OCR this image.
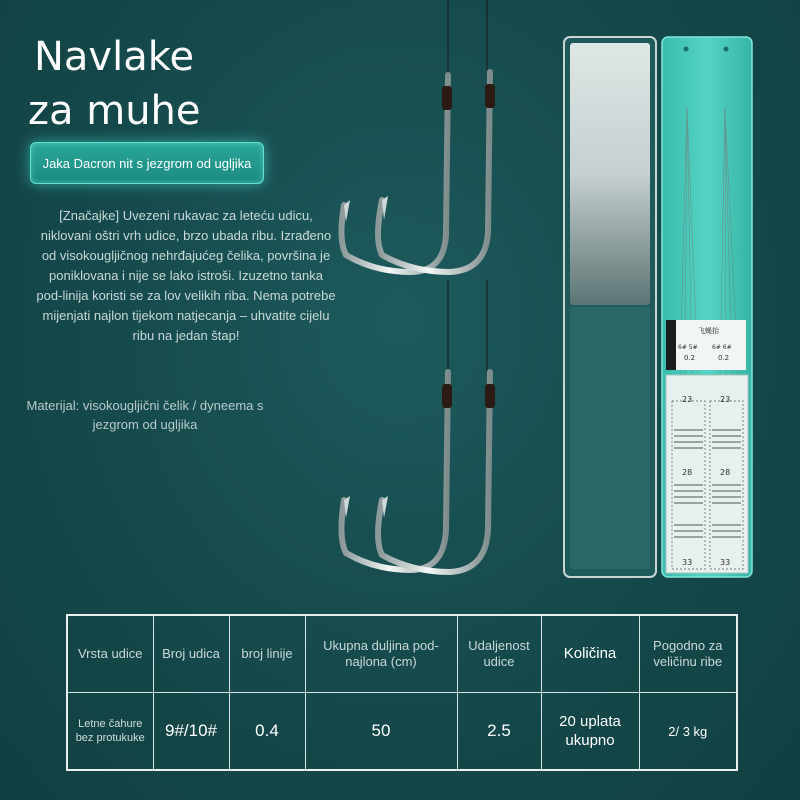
Navlake
za muhe
Jaka Dacron nit s jezgrom od ugljika

[Značajke] Uvezeni rukavac za leteću udicu, niklovani oštri vrh udice, brzo ubada ribu. Izrađeno od visokougljičnog nehrđajućeg čelika, površina je poniklovana i nije se lako istroši. Izuzetno tanka pod-linija koristi se za lov velikih riba. Nema potrebe mijenjati najlon tijekom natjecanja – uhvatite cijelu ribu na jedan štap!

Materijal: visokougljični čelik / dyneema s jezgrom od ugljika

飞蝇抬
6# 5# 6# 6#
0.2	0.2
23	23
28	28
33	33
Vrsta udice	Broj udica	broj linije	Ukupna duljina pod-najlona (cm)	Udaljenost udice	Količina	Pogodno za veličinu ribe
Letne čahure bez protukuke	9#/10#	0.4	50	2.5	20 uplata ukupno	2/ 3 kg
